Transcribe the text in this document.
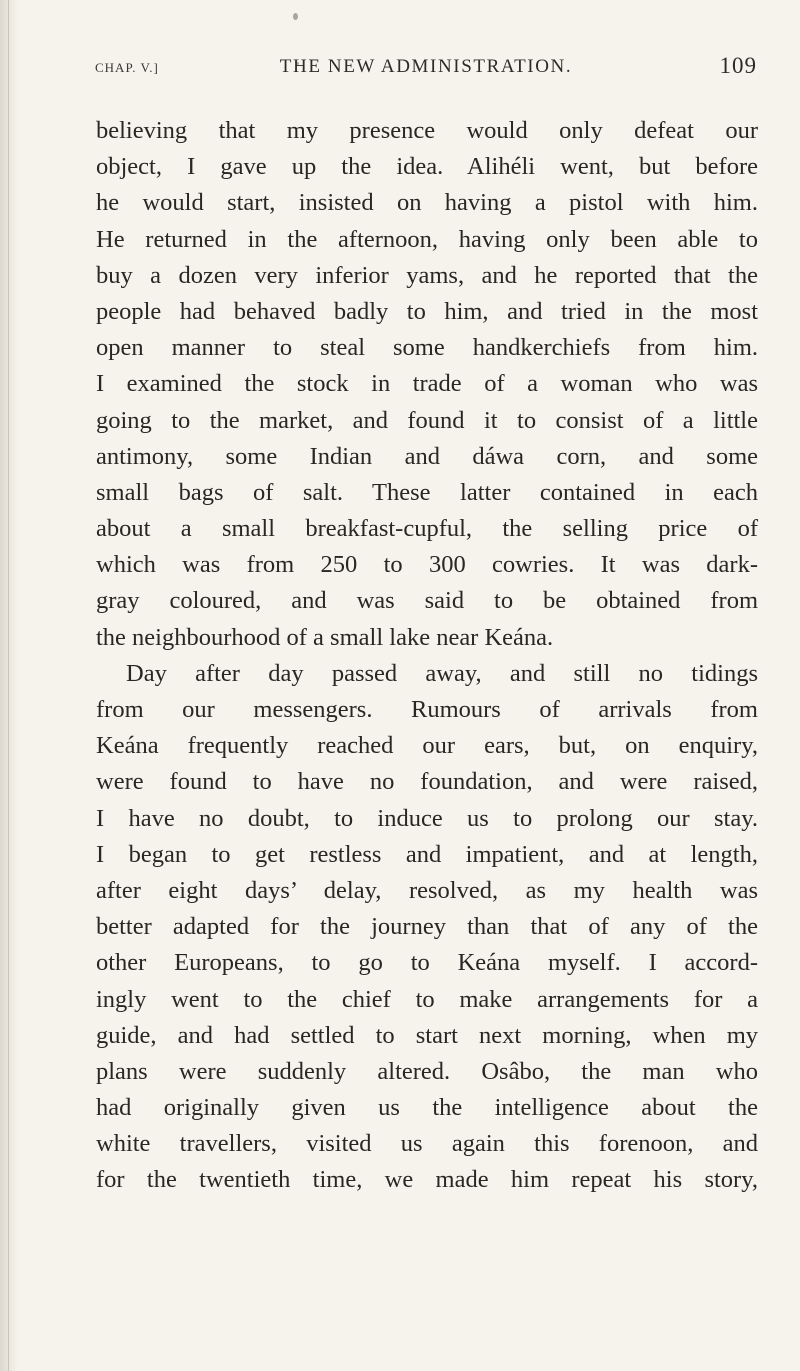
CHAP. V.]	THE NEW ADMINISTRATION.	109
believing that my presence would only defeat our
object, I gave up the idea. Alihéli went, but before
he would start, insisted on having a pistol with him.
He returned in the afternoon, having only been able to
buy a dozen very inferior yams, and he reported that the
people had behaved badly to him, and tried in the most
open manner to steal some handkerchiefs from him.
I examined the stock in trade of a woman who was
going to the market, and found it to consist of a little
antimony, some Indian and dáwa corn, and some
small bags of salt. These latter contained in each
about a small breakfast-cupful, the selling price of
which was from 250 to 300 cowries. It was dark-
gray coloured, and was said to be obtained from
the neighbourhood of a small lake near Keána.
Day after day passed away, and still no tidings
from our messengers. Rumours of arrivals from
Keána frequently reached our ears, but, on enquiry,
were found to have no foundation, and were raised,
I have no doubt, to induce us to prolong our stay.
I began to get restless and impatient, and at length,
after eight days’ delay, resolved, as my health was
better adapted for the journey than that of any of the
other Europeans, to go to Keána myself. I accord-
ingly went to the chief to make arrangements for a
guide, and had settled to start next morning, when my
plans were suddenly altered. Osâbo, the man who
had originally given us the intelligence about the
white travellers, visited us again this forenoon, and
for the twentieth time, we made him repeat his story,
